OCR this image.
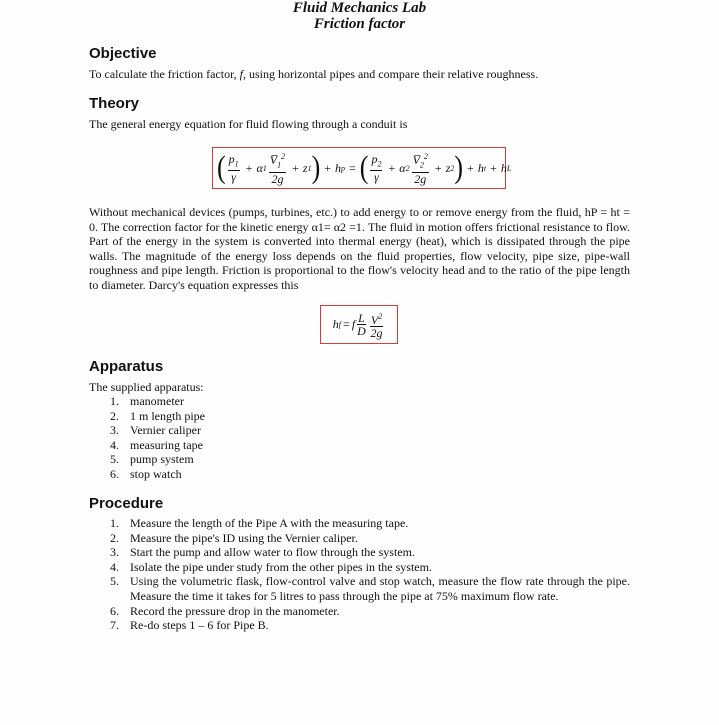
Fluid Mechanics Lab
Friction factor
Objective

To calculate the friction factor, f, using horizontal pipes and compare their relative roughness.

Theory

The general energy equation for fluid flowing through a conduit is

( $\frac{p_1}{\gamma} + \alpha$ $1 \frac{V̅_1^2}{2g} + z$ 1 ) + h p = ( $\frac{p_2}{\gamma} + \alpha$ $2 \frac{V̅_2^2}{2g} + z$ 2 ) + h t + h L

Without mechanical devices (pumps, turbines, etc.) to add energy to or remove energy from the fluid, hP = ht = 0. The correction factor for the kinetic energy α1= α2 =1. The fluid in motion offers frictional resistance to flow. Part of the energy in the system is converted into thermal energy (heat), which is dissipated through the pipe walls. The magnitude of the energy loss depends on the fluid properties, flow velocity, pipe size, pipe-wall roughness and pipe length. Friction is proportional to the flow's velocity head and to the ratio of the pipe length to diameter. Darcy's equation expresses this

$h_f = f \frac{L}{D} \frac{V^2}{2g}$
Apparatus

The supplied apparatus:

1. manometer
2. 1 m length pipe
3. Vernier caliper
4. measuring tape
5. pump system
6. stop watch
Procedure
1. Measure the length of the Pipe A with the measuring tape.
2. Measure the pipe's ID using the Vernier caliper.
3. Start the pump and allow water to flow through the system.
4. Isolate the pipe under study from the other pipes in the system.
5. Using the volumetric flask, flow-control valve and stop watch, measure the flow rate through the pipe. Measure the time it takes for 5 litres to pass through the pipe at 75% maximum flow rate.
6. Record the pressure drop in the manometer.
7. Re-do steps 1 – 6 for Pipe B.
